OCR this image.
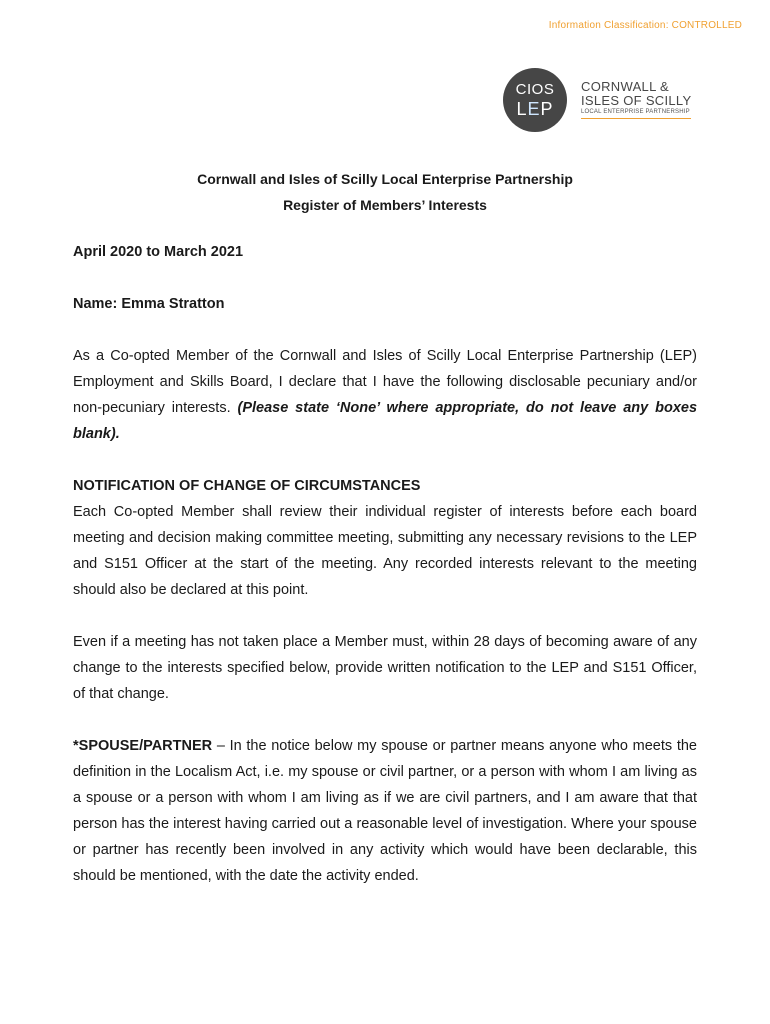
Information Classification: CONTROLLED
CIOS
LEP
CORNWALL &
ISLES OF SCILLY
LOCAL ENTERPRISE PARTNERSHIP
Cornwall and Isles of Scilly Local Enterprise Partnership
Register of Members’ Interests

April 2020 to March 2021

Name: Emma Stratton

As a Co-opted Member of the Cornwall and Isles of Scilly Local Enterprise Partnership (LEP) Employment and Skills Board, I declare that I have the following disclosable pecuniary and/or non-pecuniary interests. (Please state ‘None’ where appropriate, do not leave any boxes blank).

NOTIFICATION OF CHANGE OF CIRCUMSTANCES

Each Co-opted Member shall review their individual register of interests before each board meeting and decision making committee meeting, submitting any necessary revisions to the LEP and S151 Officer at the start of the meeting. Any recorded interests relevant to the meeting should also be declared at this point.

Even if a meeting has not taken place a Member must, within 28 days of becoming aware of any change to the interests specified below, provide written notification to the LEP and S151 Officer, of that change.

*SPOUSE/PARTNER – In the notice below my spouse or partner means anyone who meets the definition in the Localism Act, i.e. my spouse or civil partner, or a person with whom I am living as a spouse or a person with whom I am living as if we are civil partners, and I am aware that that person has the interest having carried out a reasonable level of investigation. Where your spouse or partner has recently been involved in any activity which would have been declarable, this should be mentioned, with the date the activity ended.
